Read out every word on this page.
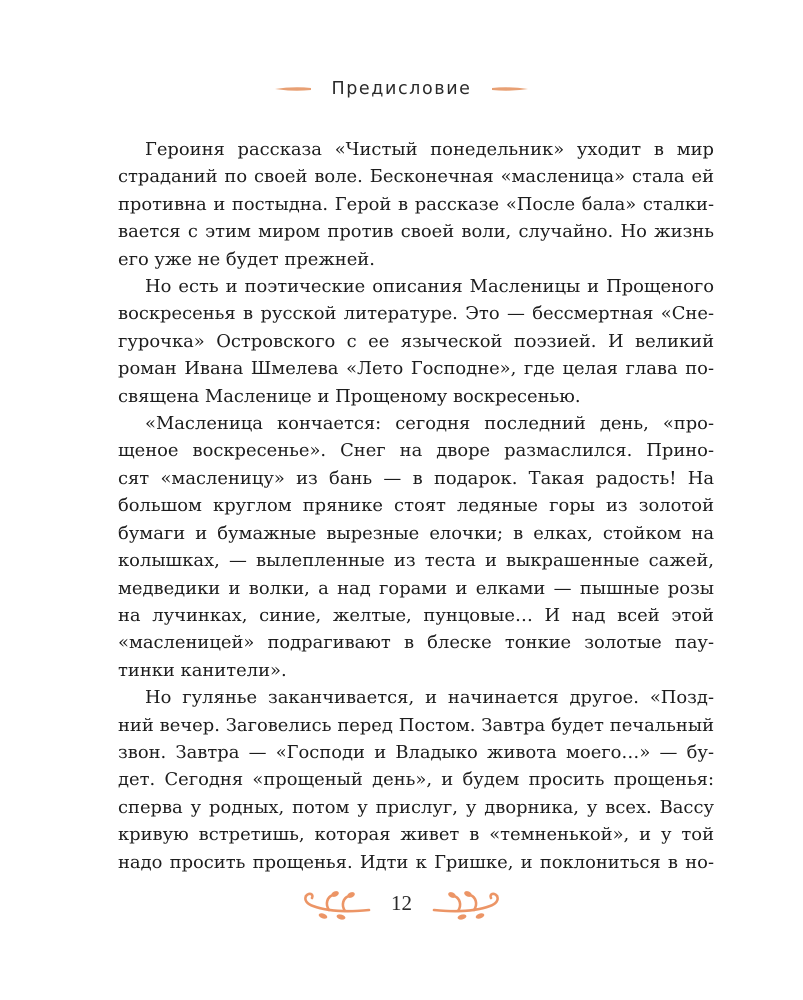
Предисловие
Героиня рассказа «Чистый понедельник» уходит в мир
страданий по своей воле. Бесконечная «масленица» стала ей
противна и постыдна. Герой в рассказе «После бала» сталки-
вается с этим миром против своей воли, случайно. Но жизнь
его уже не будет прежней.
Но есть и поэтические описания Масленицы и Прощеного
воскресенья в русской литературе. Это — бессмертная «Сне-
гурочка» Островского с ее языческой поэзией. И великий
роман Ивана Шмелева «Лето Господне», где целая глава по-
священа Масленице и Прощеному воскресенью.
«Масленица кончается: сегодня последний день, «про-
щеное воскресенье». Снег на дворе размаслился. Прино-
сят «масленицу» из бань — в подарок. Такая радость! На
большом круглом прянике стоят ледяные горы из золотой
бумаги и бумажные вырезные елочки; в елках, стойком на
колышках, — вылепленные из теста и выкрашенные сажей,
медведики и волки, а над горами и елками — пышные розы
на лучинках, синие, желтые, пунцовые… И над всей этой
«масленицей» подрагивают в блеске тонкие золотые пау-
тинки канители».
Но гулянье заканчивается, и начинается другое. «Позд-
ний вечер. Заговелись перед Постом. Завтра будет печальный
звон. Завтра — «Господи и Владыко живота моего…» — бу-
дет. Сегодня «прощеный день», и будем просить прощенья:
сперва у родных, потом у прислуг, у дворника, у всех. Вассу
кривую встретишь, которая живет в «темненькой», и у той
надо просить прощенья. Идти к Гришке, и поклониться в но-
12
